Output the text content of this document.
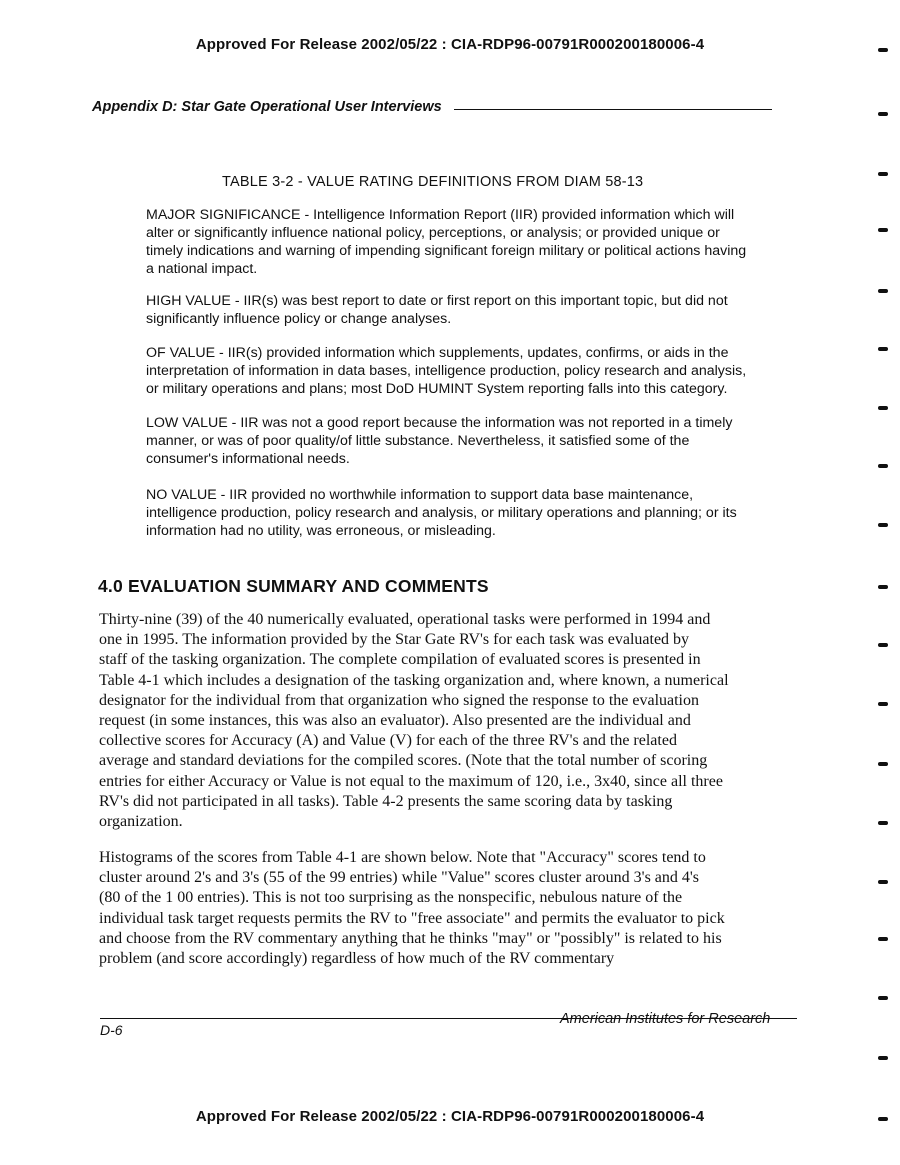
Approved For Release 2002/05/22 : CIA-RDP96-00791R000200180006-4
Appendix D: Star Gate Operational User Interviews
TABLE 3-2 - VALUE RATING DEFINITIONS FROM DIAM 58-13
MAJOR SIGNIFICANCE - Intelligence Information Report (IIR) provided information which will
alter or significantly influence national policy, perceptions, or analysis; or provided unique or
timely indications and warning of impending significant foreign military or political actions having
a national impact.
HIGH VALUE - IIR(s) was best report to date or first report on this important topic, but did not
significantly influence policy or change analyses.
OF VALUE - IIR(s) provided information which supplements, updates, confirms, or aids in the
interpretation of information in data bases, intelligence production, policy research and analysis,
or military operations and plans; most DoD HUMINT System reporting falls into this category.
LOW VALUE - IIR was not a good report because the information was not reported in a timely
manner, or was of poor quality/of little substance. Nevertheless, it satisfied some of the
consumer's informational needs.
NO VALUE - IIR provided no worthwhile information to support data base maintenance,
intelligence production, policy research and analysis, or military operations and planning; or its
information had no utility, was erroneous, or misleading.
4.0 EVALUATION SUMMARY AND COMMENTS
Thirty-nine (39) of the 40 numerically evaluated, operational tasks were performed in 1994 and
one in 1995. The information provided by the Star Gate RV's for each task was evaluated by
staff of the tasking organization. The complete compilation of evaluated scores is presented in
Table 4-1 which includes a designation of the tasking organization and, where known, a numerical
designator for the individual from that organization who signed the response to the evaluation
request (in some instances, this was also an evaluator). Also presented are the individual and
collective scores for Accuracy (A) and Value (V) for each of the three RV's and the related
average and standard deviations for the compiled scores. (Note that the total number of scoring
entries for either Accuracy or Value is not equal to the maximum of 120, i.e., 3x40, since all three
RV's did not participated in all tasks). Table 4-2 presents the same scoring data by tasking
organization.
Histograms of the scores from Table 4-1 are shown below. Note that "Accuracy" scores tend to
cluster around 2's and 3's (55 of the 99 entries) while "Value" scores cluster around 3's and 4's
(80 of the 1 00 entries). This is not too surprising as the nonspecific, nebulous nature of the
individual task target requests permits the RV to "free associate" and permits the evaluator to pick
and choose from the RV commentary anything that he thinks "may" or "possibly" is related to his
problem (and score accordingly) regardless of how much of the RV commentary
D-6
American Institutes for Research
Approved For Release 2002/05/22 : CIA-RDP96-00791R000200180006-4
